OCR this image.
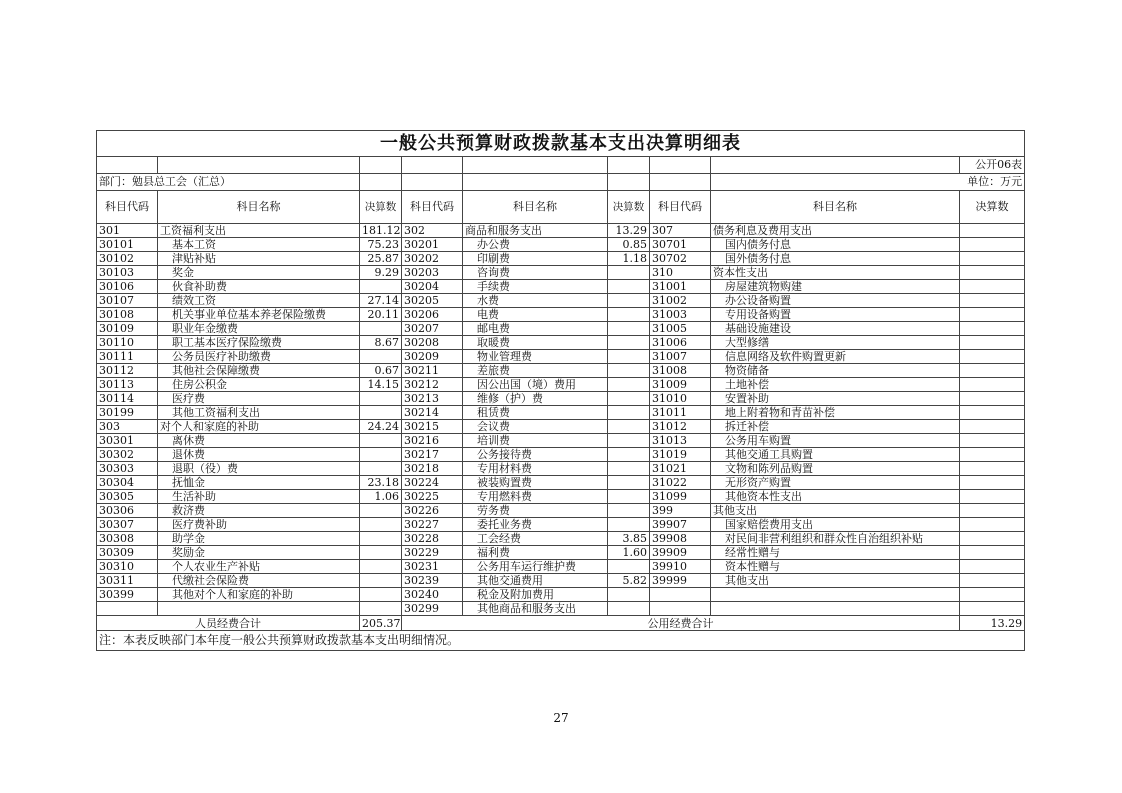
一般公共预算财政拨款基本支出决算明细表								
								公开06表
部门：勉县总工会（汇总）							单位：万元	
科目代码	科目名称	决算数	科目代码	科目名称	决算数	科目代码	科目名称	决算数
301	工资福利支出	181.12	302	商品和服务支出	13.29	307	债务利息及费用支出	
30101	基本工资	75.23	30201	办公费	0.85	30701	国内债务付息	
30102	津贴补贴	25.87	30202	印刷费	1.18	30702	国外债务付息	
30103	奖金	9.29	30203	咨询费		310	资本性支出	
30106	伙食补助费		30204	手续费		31001	房屋建筑物购建	
30107	绩效工资	27.14	30205	水费		31002	办公设备购置	
30108	机关事业单位基本养老保险缴费	20.11	30206	电费		31003	专用设备购置	
30109	职业年金缴费		30207	邮电费		31005	基础设施建设	
30110	职工基本医疗保险缴费	8.67	30208	取暖费		31006	大型修缮	
30111	公务员医疗补助缴费		30209	物业管理费		31007	信息网络及软件购置更新	
30112	其他社会保障缴费	0.67	30211	差旅费		31008	物资储备	
30113	住房公积金	14.15	30212	因公出国（境）费用		31009	土地补偿	
30114	医疗费		30213	维修（护）费		31010	安置补助	
30199	其他工资福利支出		30214	租赁费		31011	地上附着物和青苗补偿	
303	对个人和家庭的补助	24.24	30215	会议费		31012	拆迁补偿	
30301	离休费		30216	培训费		31013	公务用车购置	
30302	退休费		30217	公务接待费		31019	其他交通工具购置	
30303	退职（役）费		30218	专用材料费		31021	文物和陈列品购置	
30304	抚恤金	23.18	30224	被装购置费		31022	无形资产购置	
30305	生活补助	1.06	30225	专用燃料费		31099	其他资本性支出	
30306	救济费		30226	劳务费		399	其他支出	
30307	医疗费补助		30227	委托业务费		39907	国家赔偿费用支出	
30308	助学金		30228	工会经费	3.85	39908	对民间非营利组织和群众性自治组织补贴	
30309	奖励金		30229	福利费	1.60	39909	经常性赠与	
30310	个人农业生产补贴		30231	公务用车运行维护费		39910	资本性赠与	
30311	代缴社会保险费		30239	其他交通费用	5.82	39999	其他支出	
30399	其他对个人和家庭的补助		30240	税金及附加费用				
			30299	其他商品和服务支出				
人员经费合计		205.37	公用经费合计					13.29
注：本表反映部门本年度一般公共预算财政拨款基本支出明细情况。								
27
